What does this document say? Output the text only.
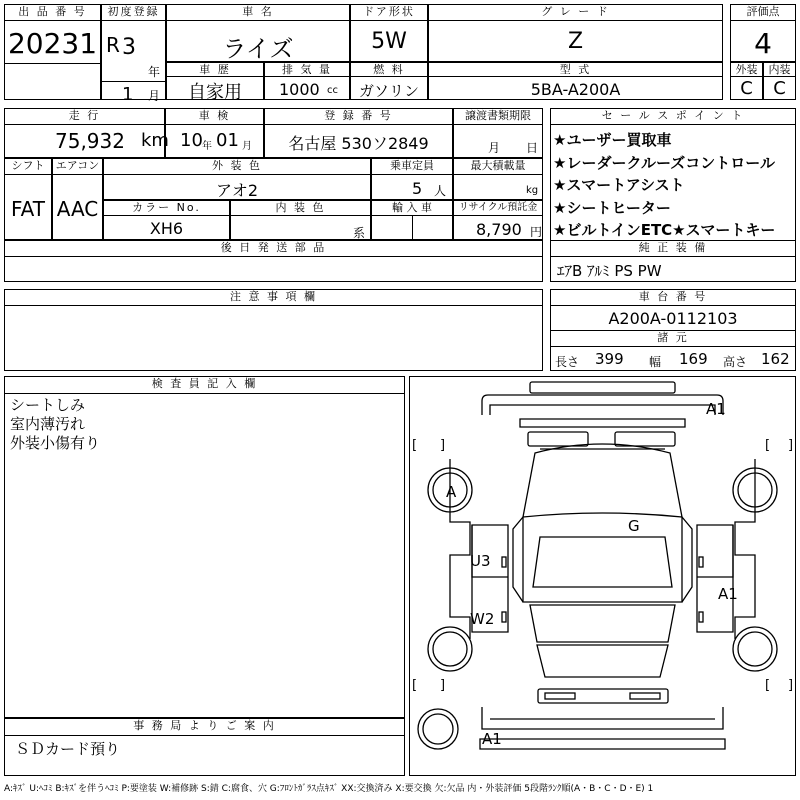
出 品 番 号
20231
初度登録
R 3
年
1 月
車 名
ライズ
ドア形状
5W
グ レ ー ド
Z
評価点
4
車 歴
自家用
排 気 量
1000 cc
燃 料
ガソリン
型 式
5BA-A200A
外装
C
内装
C
走 行
75,932 km
車 検
10 年 01 月
登 録 番 号
名古屋 530ソ2849
譲渡書類期限
月 日
シフト
FAT
エアコン
AAC
外 装 色
アオ2
乗車定員
5 人
最大積載量
kg
カラー No.
XH6
内 装 色
系
輸 入 車	リサイクル預託金
8,790 円
後 日 発 送 部 品
セ ー ル ス ポ イ ン ト
★ユーザー買取車
★レーダークルーズコントロール
★スマートアシスト
★シートヒーター
★ビルトインETC★スマートキー
純 正 装 備
ｴｱB ｱﾙﾐ PS PW
注 意 事 項 欄	車 台 番 号
A200A-0112103
諸 元
長さ 399 幅 169 高さ 162
検 査 員 記 入 欄
シートしみ
室内薄汚れ
外装小傷有り
事 務 局 よ り ご 案 内
ＳＤカード預り
[ ]	[ ]
[ ]	[ ]
A1
A
G
U3
A1
W2
A1
A:ｷｽﾞ U:ﾍｺﾐ B:ｷｽﾞを伴うﾍｺﾐ P:要塗装 W:補修跡 S:錆 C:腐食、穴 G:ﾌﾛﾝﾄｶﾞﾗｽ点ｷｽﾞ XX:交換済み X:要交換 欠:欠品 内・外装評価 5段階ﾗﾝｸ順(A・B・C・D・E) 1
